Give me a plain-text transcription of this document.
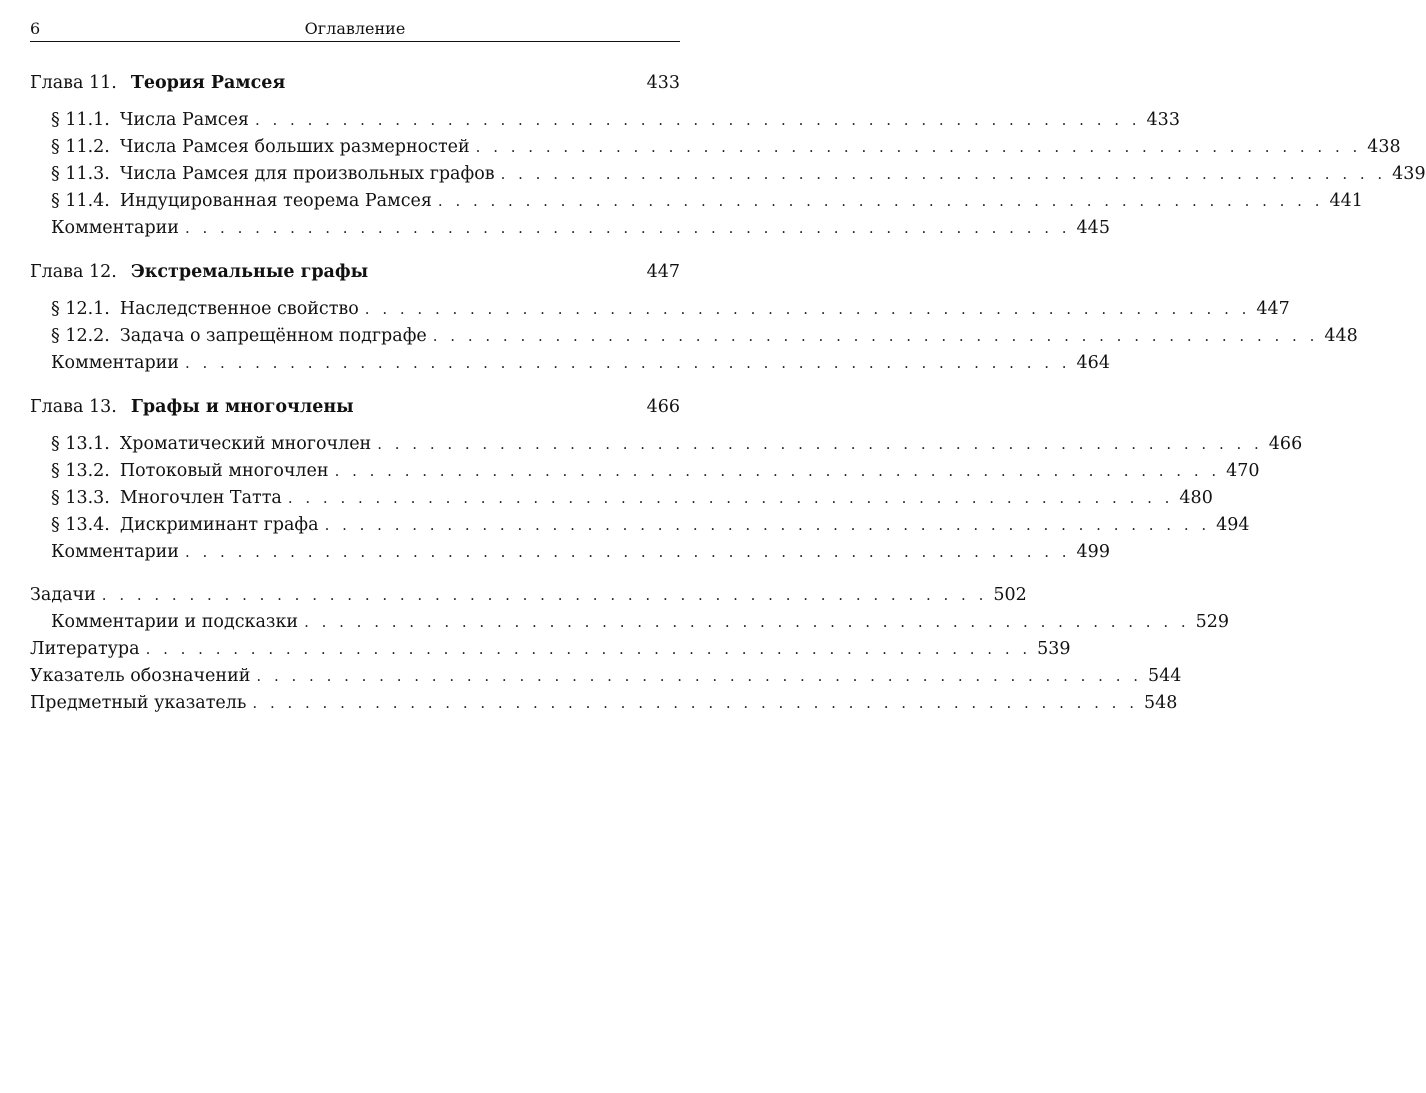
6	Оглавление
Глава 11. Теория Рамсея	433
§ 11.1. Числа Рамсея . . . . . . . . . . . . . . . . . . . . . . . . . . . . . . . . . . . . . . . . . . . . . . . . . . . 433
§ 11.2. Числа Рамсея больших размерностей . . . . . . . . . . . . . . . . . . . . . . . . . . . . . . . . . . . . . . . . . . . . . . . . . . . 438
§ 11.3. Числа Рамсея для произвольных графов . . . . . . . . . . . . . . . . . . . . . . . . . . . . . . . . . . . . . . . . . . . . . . . . . . . 439
§ 11.4. Индуцированная теорема Рамсея . . . . . . . . . . . . . . . . . . . . . . . . . . . . . . . . . . . . . . . . . . . . . . . . . . . 441
Комментарии . . . . . . . . . . . . . . . . . . . . . . . . . . . . . . . . . . . . . . . . . . . . . . . . . . . 445
Глава 12. Экстремальные графы	447
§ 12.1. Наследственное свойство . . . . . . . . . . . . . . . . . . . . . . . . . . . . . . . . . . . . . . . . . . . . . . . . . . . 447
§ 12.2. Задача о запрещённом подграфе . . . . . . . . . . . . . . . . . . . . . . . . . . . . . . . . . . . . . . . . . . . . . . . . . . . 448
Комментарии . . . . . . . . . . . . . . . . . . . . . . . . . . . . . . . . . . . . . . . . . . . . . . . . . . . 464
Глава 13. Графы и многочлены	466
§ 13.1. Хроматический многочлен . . . . . . . . . . . . . . . . . . . . . . . . . . . . . . . . . . . . . . . . . . . . . . . . . . . 466
§ 13.2. Потоковый многочлен . . . . . . . . . . . . . . . . . . . . . . . . . . . . . . . . . . . . . . . . . . . . . . . . . . . 470
§ 13.3. Многочлен Татта . . . . . . . . . . . . . . . . . . . . . . . . . . . . . . . . . . . . . . . . . . . . . . . . . . . 480
§ 13.4. Дискриминант графа . . . . . . . . . . . . . . . . . . . . . . . . . . . . . . . . . . . . . . . . . . . . . . . . . . . 494
Комментарии . . . . . . . . . . . . . . . . . . . . . . . . . . . . . . . . . . . . . . . . . . . . . . . . . . . 499
Задачи . . . . . . . . . . . . . . . . . . . . . . . . . . . . . . . . . . . . . . . . . . . . . . . . . . . 502
Комментарии и подсказки . . . . . . . . . . . . . . . . . . . . . . . . . . . . . . . . . . . . . . . . . . . . . . . . . . . 529
Литература . . . . . . . . . . . . . . . . . . . . . . . . . . . . . . . . . . . . . . . . . . . . . . . . . . . 539
Указатель обозначений . . . . . . . . . . . . . . . . . . . . . . . . . . . . . . . . . . . . . . . . . . . . . . . . . . . 544
Предметный указатель . . . . . . . . . . . . . . . . . . . . . . . . . . . . . . . . . . . . . . . . . . . . . . . . . . . 548
